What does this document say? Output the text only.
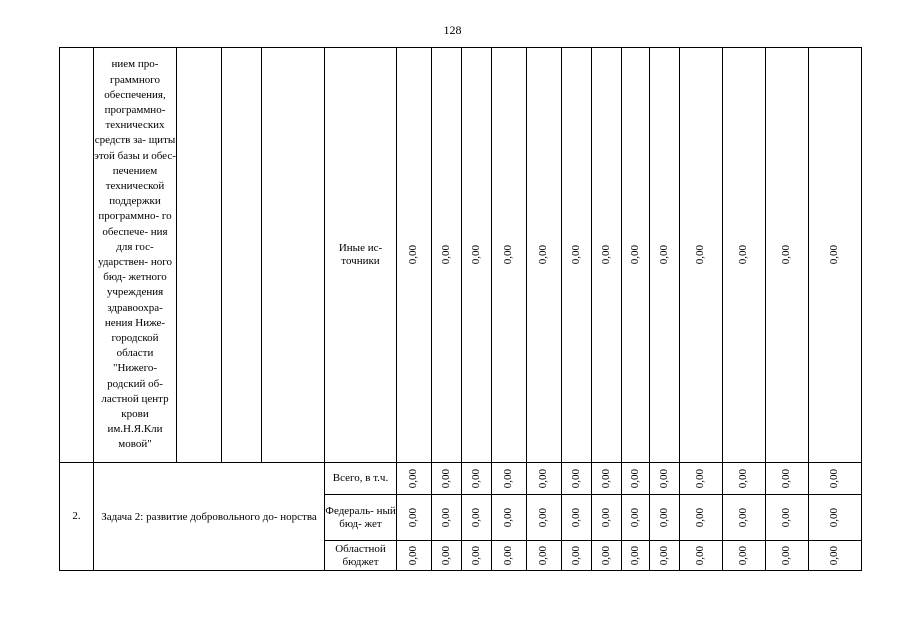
128
	нием про- граммного обеспечения, программно- технических средств за- щиты этой базы и обес- печением технической поддержки программно- го обеспече- ния для гос- ударствен- ного бюд- жетного учреждения здравоохра- нения Ниже- городской области "Нижего- родский об- ластной центр крови им.Н.Я.Кли мовой"				Иные ис- точники	0,00	0,00	0,00	0,00	0,00	0,00	0,00	0,00	0,00	0,00	0,00	0,00	0,00
2.	Задача 2: развитие добровольного до- норства				Всего, в т.ч.	0,00	0,00	0,00	0,00	0,00	0,00	0,00	0,00	0,00	0,00	0,00	0,00	0,00
					Федераль- ный бюд- жет	0,00	0,00	0,00	0,00	0,00	0,00	0,00	0,00	0,00	0,00	0,00	0,00	0,00
					Областной бюджет	0,00	0,00	0,00	0,00	0,00	0,00	0,00	0,00	0,00	0,00	0,00	0,00	0,00
